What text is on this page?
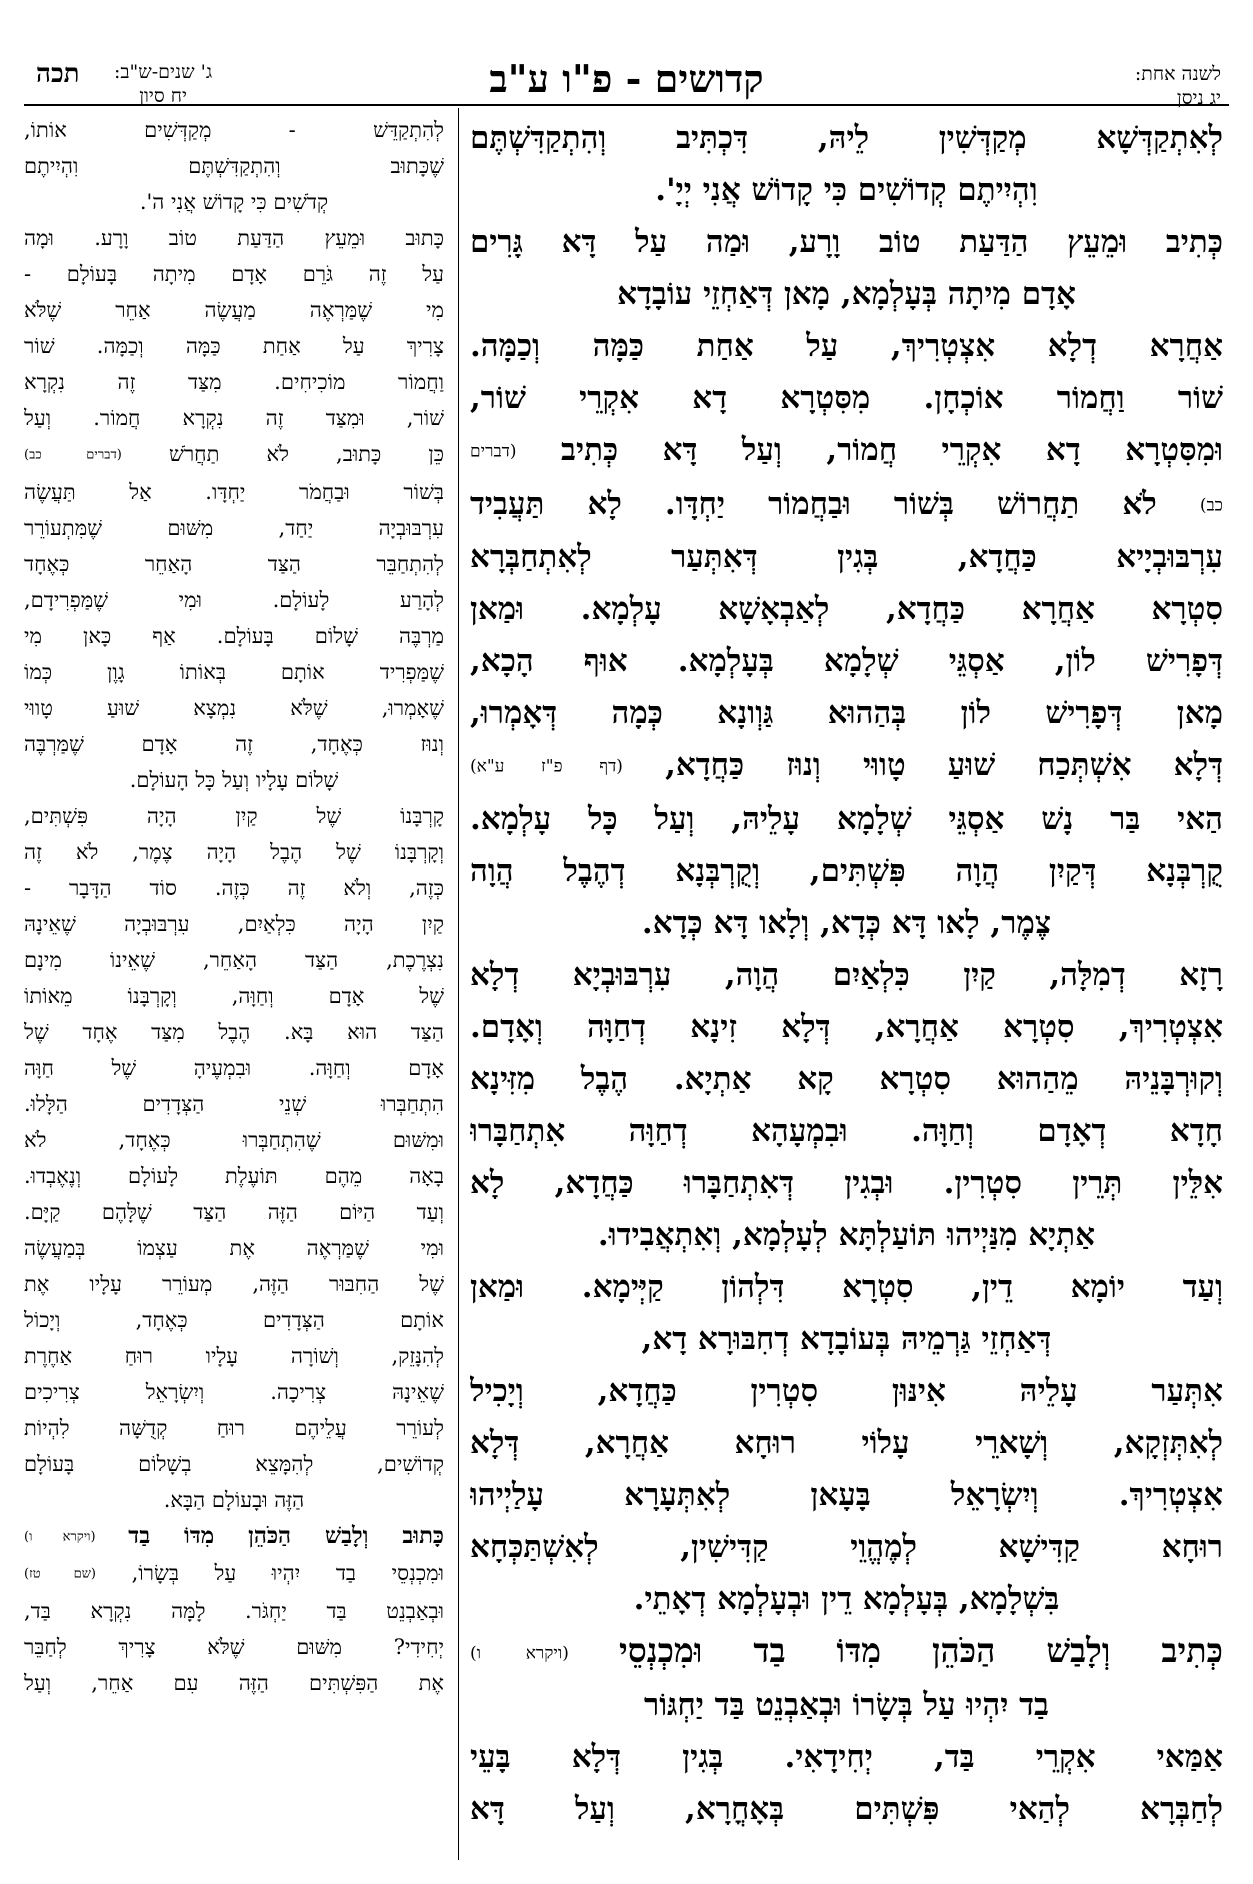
לשנה אחת:
יג ניסן
קדושים - פ"ו ע"ב
תכה ג' שנים-ש"ב:
יח סיון
לְאִתְקַדְּשָׁא מְקַדְּשִׁין לֵיהּ, דִּכְתִּיב וְהִתְקַדִּשְׁתֶּם
וִהְיִיתֶם קְדוֹשִׁים כִּי קָדוֹשׁ אֲנִי יְיָ'.
כְּתִיב וּמֵעֵץ הַדַּעַת טוֹב וָרָע, וּמַה עַל דָּא גָּרִים
אָדָם מִיתָה בְּעָלְמָא, מָאן דְּאַחְזֵי עוֹבָדָא
אַחֲרָא דְלָא אִצְטְרִיךְ, עַל אַחַת כַּמָּה וְכַמָּה.
שׁוֹר וַחֲמוֹר אוֹכְחָן. מִסִּטְרָא דָא אִקְרֵי שׁוֹר,
וּמִסִּטְרָא דָא אִקְרֵי חֲמוֹר, וְעַל דָּא כְּתִיב (דברים
כב) לֹא תַחֲרוֹשׁ בְּשׁוֹר וּבַחֲמוֹר יַחְדָּו. לָא תַּעֲבִיד
עִרְבּוּבְיָיא כַּחֲדָא, בְּגִין דְּאִתְּעַר לְאִתְחַבְּרָא
סִטְרָא אַחֲרָא כַּחֲדָא, לְאַבְאָשָׁא עָלְמָא. וּמַאן
דְּפָרִישׁ לוֹן, אַסְגֵּי שְׁלָמָא בְּעָלְמָא. אוּף הָכָא,
מָאן דְּפָרִישׁ לוֹן בְּהַהוּא גַּוְונָא כְּמָה דְּאָמְרוּ,
דְּלָא אִשְׁתְּכַח שׁוּעַ טָווּי וְנוּז כַּחֲדָא, (דף פ"ז ע"א)
הַאי בַּר נָשׁ אַסְגֵּי שְׁלָמָא עָלֵיהּ, וְעַל כָּל עָלְמָא.
קֻרְבְּנָא דְּקַיִן הֲוָה פִּשְׁתִּים, וְקֻרְבְּנָא דְהֶבֶל הֲוָה
צֶמֶר, לָאו דָּא כְּדָא, וְלָאו דָּא כְּדָא.
רָזָא דְמִלָּה, קַיִן כִּלְאַיִם הֲוָה, עִרְבּוּבְיָא דְלָא
אִצְטְרִיךְ, סִטְרָא אַחֲרָא, דְּלָא זִינָא דְחַוָּה וְאָדָם.
וְקוּרְבָּנֵיהּ מֵהַהוּא סִטְרָא קָא אַתְיָא. הֶבֶל מִזִּינָא
חָדָא דְאָדָם וְחַוָּה. וּבִמְעָהָא דְחַוָּה אִתְחַבָּרוּ
אִלֵּין תְּרֵין סִטְרִין. וּבְגִין דְּאִתְחַבָּרוּ כַּחֲדָא, לָא
אַתְיָא מִנַּיְיהוּ תּוֹעַלְתָּא לְעָלְמָא, וְאִתְאֲבִידוּ.
וְעַד יוֹמָא דֵין, סִטְרָא דִּלְהוֹן קַיְּימָא. וּמַאן
דְּאַחְזֵי גַּרְמֵיהּ בְּעוֹבָדָא דְחִבּוּרָא דָא,
אִתְּעַר עָלֵיהּ אִינּוּן סִטְרִין כַּחֲדָא, וְיָכִיל
לְאִתְּזְקָא, וְשָׁארֵי עָלוֹי רוּחָא אַחֲרָא, דְּלָא
אִצְטְרִיךְ. וְיִשְׂרָאֵל בָּעָאן לְאִתְּעָרָא עָלַיְיהוּ
רוּחָא קַדִּישָׁא לְמֶהֱוֵי קַדִּישִׁין, לְאִשְׁתַּכְּחָא
בִּשְׁלָמָא, בְּעָלְמָא דֵין וּבְעָלְמָא דְאָתֵי.
כְּתִיב וְלָבַשׁ הַכֹּהֵן מִדּוֹ בַד וּמִכְנְסֵי (ויקרא ו)
בַד יִהְיוּ עַל בְּשָׂרוֹ וּבְאַבְנֵט בַּד יַחְגּוֹר
אַמַּאי אִקְרֵי בַּד, יְחִידָאִי. בְּגִין דְּלָא בָּעֵי
לְחַבְּרָא לְהַאי פִּשְׁתִּים בְּאָחֳרָא, וְעַל דָּא
לְהִתְקַדֵּשׁ - מְקַדְּשִׁים אוֹתוֹ,
שֶׁכָּתוּב וְהִתְקַדִּשְׁתֶּם וִהְיִיתֶם
קְדֹשִׁים כִּי קָדוֹשׁ אֲנִי ה'.
כָּתוּב וּמֵעֵץ הַדַּעַת טוֹב וָרָע. וּמָה
עַל זֶה גֹּרֵם אָדָם מִיתָה בָּעוֹלָם -
מִי שֶׁמַּרְאֶה מַעֲשֶׂה אַחֵר שֶׁלֹּא
צָרִיךְ עַל אַחַת כַּמָּה וְכַמָּה. שׁוֹר
וַחֲמוֹר מוֹכִיחִים. מִצַּד זֶה נִקְרָא
שׁוֹר, וּמִצַּד זֶה נִקְרָא חֲמוֹר. וְעַל
כֵּן כָּתוּב, לֹא תַחֲרֹשׁ (דברים כב)
בְּשׁוֹר וּבַחֲמֹר יַחְדָּו. אַל תַּעֲשֶׂה
עִרְבּוּבְיָה יַחַד, מִשּׁוּם שֶׁמִּתְעוֹרֵר
לְהִתְחַבֵּר הַצַּד הָאַחֵר כְּאֶחָד
לְהָרַע לָעוֹלָם. וּמִי שֶׁמַּפְרִידָם,
מַרְבֶּה שָׁלוֹם בָּעוֹלָם. אַף כָּאן מִי
שֶׁמַּפְרִיד אוֹתָם בְּאוֹתוֹ גָוֶן כְּמוֹ
שֶׁאָמְרוּ, שֶׁלֹּא נִמְצָא שׁוּעַ טָווּי
וְנוּז כְּאֶחָד, זֶה אָדָם שֶׁמַּרְבֶּה
שָׁלוֹם עָלָיו וְעַל כָּל הָעוֹלָם.
קָרְבָּנוֹ שֶׁל קַיִן הָיָה פִּשְׁתִּים,
וְקָרְבָּנוֹ שֶׁל הֶבֶל הָיָה צֶמֶר, לֹא זֶה
כְּזֶה, וְלֹא זֶה כְּזֶה. סוֹד הַדָּבָר -
קַיִן הָיָה כִּלְאַיִם, עִרְבּוּבְיָה שֶׁאֵינָהּ
נִצְרֶכֶת, הַצַּד הָאַחֵר, שֶׁאֵינוֹ מִינָם
שֶׁל אָדָם וְחַוָּה, וְקָרְבָּנוֹ מֵאוֹתוֹ
הַצַּד הוּא בָּא. הֶבֶל מִצַּד אֶחָד שֶׁל
אָדָם וְחַוָּה. וּבִמְעֶיהָ שֶׁל חַוָּה
הִתְחַבְּרוּ שְׁנֵי הַצְּדָדִים הַלָּלוּ.
וּמִשּׁוּם שֶׁהִתְחַבְּרוּ כְּאֶחָד, לֹא
בָאָה מֵהֶם תּוֹעֶלֶת לָעוֹלָם וְנֶאֶבְדוּ.
וְעַד הַיּוֹם הַזֶּה הַצַּד שֶׁלָּהֶם קַיָּם.
וּמִי שֶׁמַּרְאֶה אֶת עַצְמוֹ בְּמַעֲשֶׂה
שֶׁל הַחִבּוּר הַזֶּה, מְעוֹרֵר עָלָיו אֶת
אוֹתָם הַצְּדָדִים כְּאֶחָד, וְיָכוֹל
לְהִנָּזֵק, וְשׁוֹרָה עָלָיו רוּחַ אַחֶרֶת
שֶׁאֵינָהּ צְרִיכָה. וְיִשְׂרָאֵל צְרִיכִים
לְעוֹרֵר עֲלֵיהֶם רוּחַ קְדֻשָּׁה לִהְיוֹת
קְדוֹשִׁים, לְהִמָּצֵא בְשָׁלוֹם בָּעוֹלָם
הַזֶּה וּבָעוֹלָם הַבָּא.
כָּתוּב וְלָבַשׁ הַכֹּהֵן מִדּוֹ בַד (ויקרא ו)
וּמִכְנְסֵי בַד יִהְיוּ עַל בְּשָׂרוֹ, (שם טז)
וּבְאַבְנֵט בַּד יַחְגֹּר. לָמָּה נִקְרָא בַּד,
יְחִידִי? מִשּׁוּם שֶׁלֹּא צָרִיךְ לְחַבֵּר
אֶת הַפִּשְׁתִּים הַזֶּה עִם אַחֵר, וְעַל
